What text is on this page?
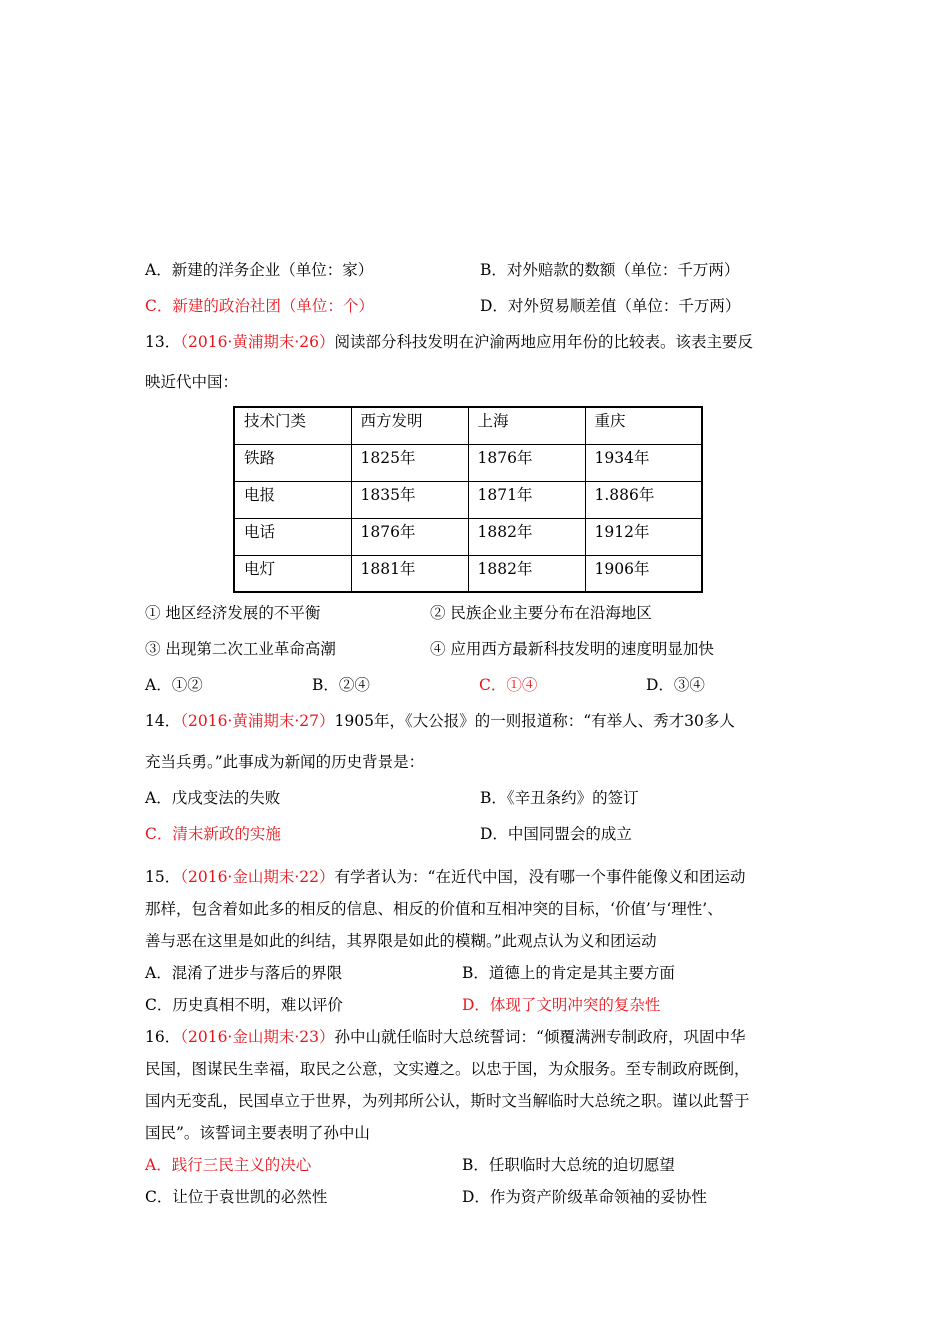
A．新建的洋务企业（单位：家）	B．对外赔款的数额（单位：千万两）
C．新建的政治社团（单位：个）	D．对外贸易顺差值（单位：千万两）
13．（2016·黄浦期末·26）阅读部分科技发明在沪渝两地应用年份的比较表。该表主要反
映近代中国：
技术门类	西方发明	上海	重庆
铁路	1825年	1876年	1934年
电报	1835年	1871年	1.886年
电话	1876年	1882年	1912年
电灯	1881年	1882年	1906年
① 地区经济发展的不平衡	② 民族企业主要分布在沿海地区
③ 出现第二次工业革命高潮	④ 应用西方最新科技发明的速度明显加快
A．①②	B．②④	C．①④	D．③④
14．（2016·黄浦期末·27）1905年，《大公报》的一则报道称：“有举人、秀才30多人
充当兵勇。”此事成为新闻的历史背景是：
A．戊戌变法的失败	B．《辛丑条约》的签订
C．清末新政的实施	D．中国同盟会的成立
15．（2016·金山期末·22）有学者认为：“在近代中国，没有哪一个事件能像义和团运动
那样，包含着如此多的相反的信息、相反的价值和互相冲突的目标，‘价值’与‘理性’、
善与恶在这里是如此的纠结，其界限是如此的模糊。”此观点认为义和团运动
A．混淆了进步与落后的界限	B．道德上的肯定是其主要方面
C．历史真相不明，难以评价	D．体现了文明冲突的复杂性
16．（2016·金山期末·23）孙中山就任临时大总统誓词：“倾覆满洲专制政府，巩固中华
民国，图谋民生幸福，取民之公意，文实遵之。以忠于国，为众服务。至专制政府既倒，
国内无变乱，民国卓立于世界，为列邦所公认，斯时文当解临时大总统之职。谨以此誓于
国民”。该誓词主要表明了孙中山
A．践行三民主义的决心	B．任职临时大总统的迫切愿望
C．让位于袁世凯的必然性	D．作为资产阶级革命领袖的妥协性
